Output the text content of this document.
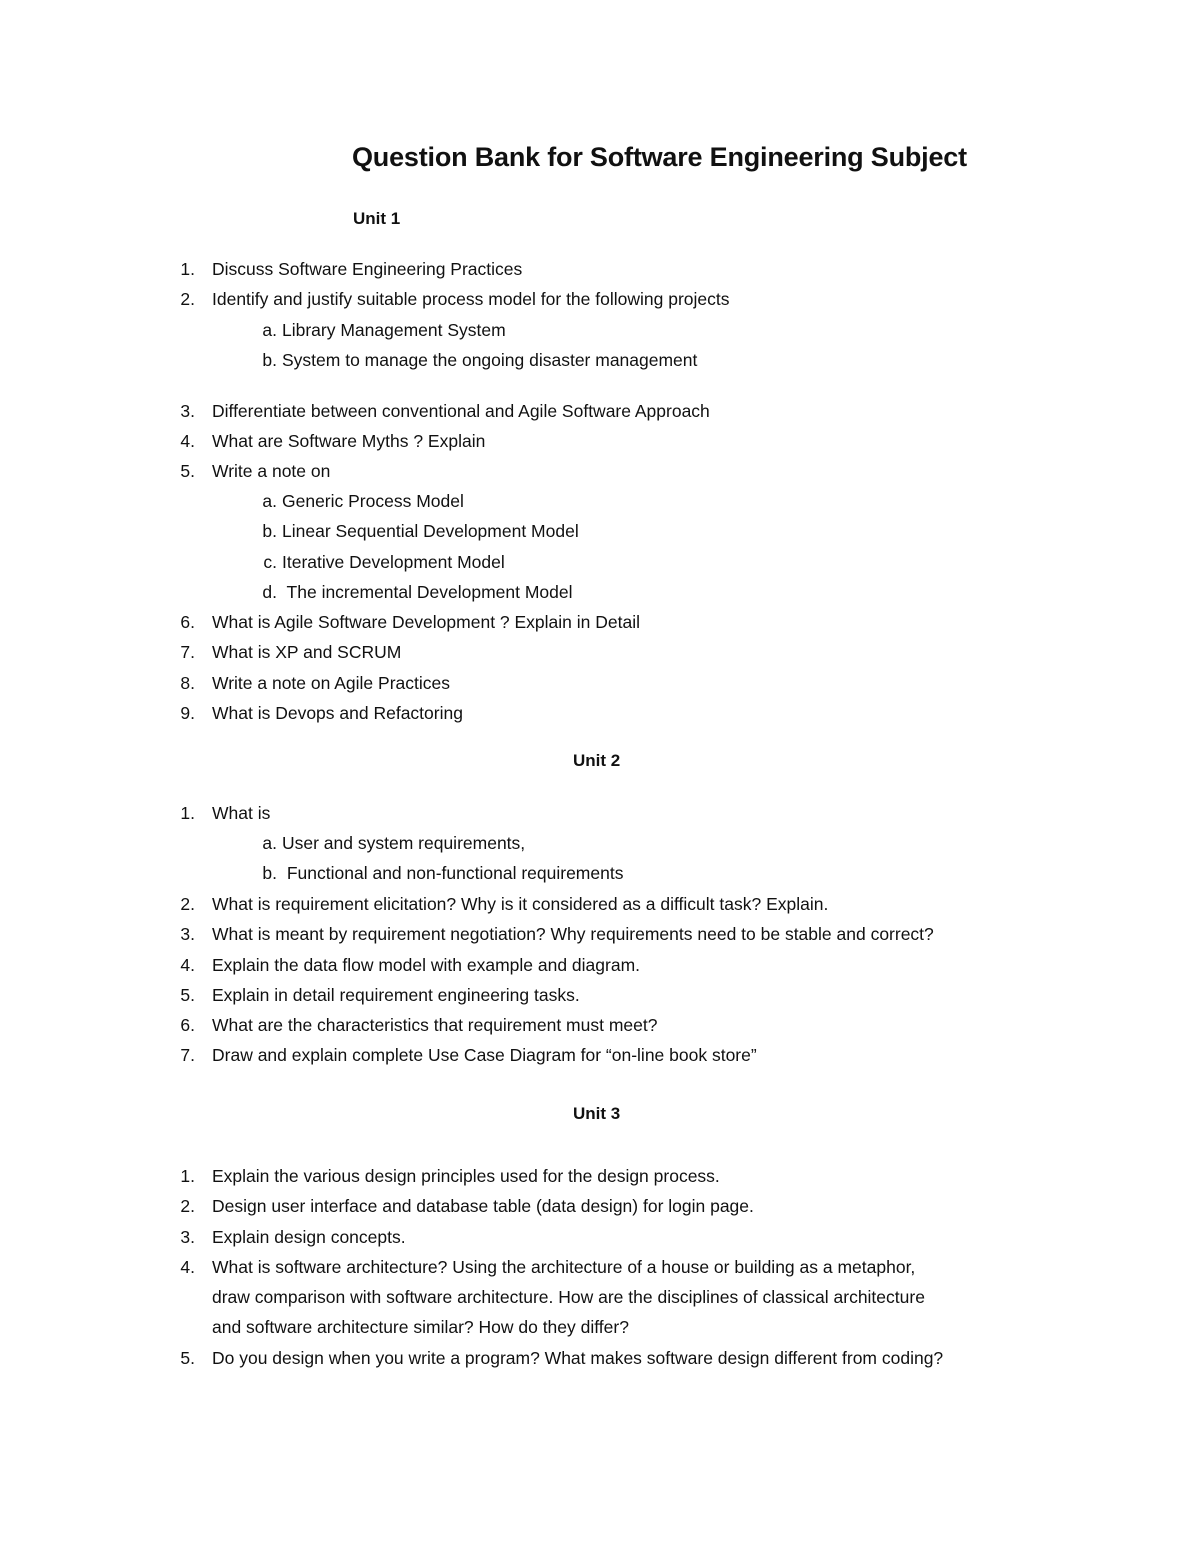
Question Bank for Software Engineering Subject
Unit 1
1. Discuss Software Engineering Practices
2. Identify and justify suitable process model for the following projects
a. Library Management System
b. System to manage the ongoing disaster management
3. Differentiate between conventional and Agile Software Approach
4. What are Software Myths ? Explain
5. Write a note on
a. Generic Process Model
b. Linear Sequential Development Model
c. Iterative Development Model
d. The incremental Development Model
6. What is Agile Software Development ? Explain in Detail
7. What is XP and SCRUM
8. Write a note on Agile Practices
9. What is Devops and Refactoring
Unit 2
1. What is
a. User and system requirements,
b. Functional and non-functional requirements
2. What is requirement elicitation? Why is it considered as a difficult task? Explain.
3. What is meant by requirement negotiation? Why requirements need to be stable and correct?
4. Explain the data flow model with example and diagram.
5. Explain in detail requirement engineering tasks.
6. What are the characteristics that requirement must meet?
7. Draw and explain complete Use Case Diagram for “on-line book store”
Unit 3
1. Explain the various design principles used for the design process.
2. Design user interface and database table (data design) for login page.
3. Explain design concepts.
4. What is software architecture? Using the architecture of a house or building as a metaphor,
draw comparison with software architecture. How are the disciplines of classical architecture
and software architecture similar? How do they differ?
5. Do you design when you write a program? What makes software design different from coding?
